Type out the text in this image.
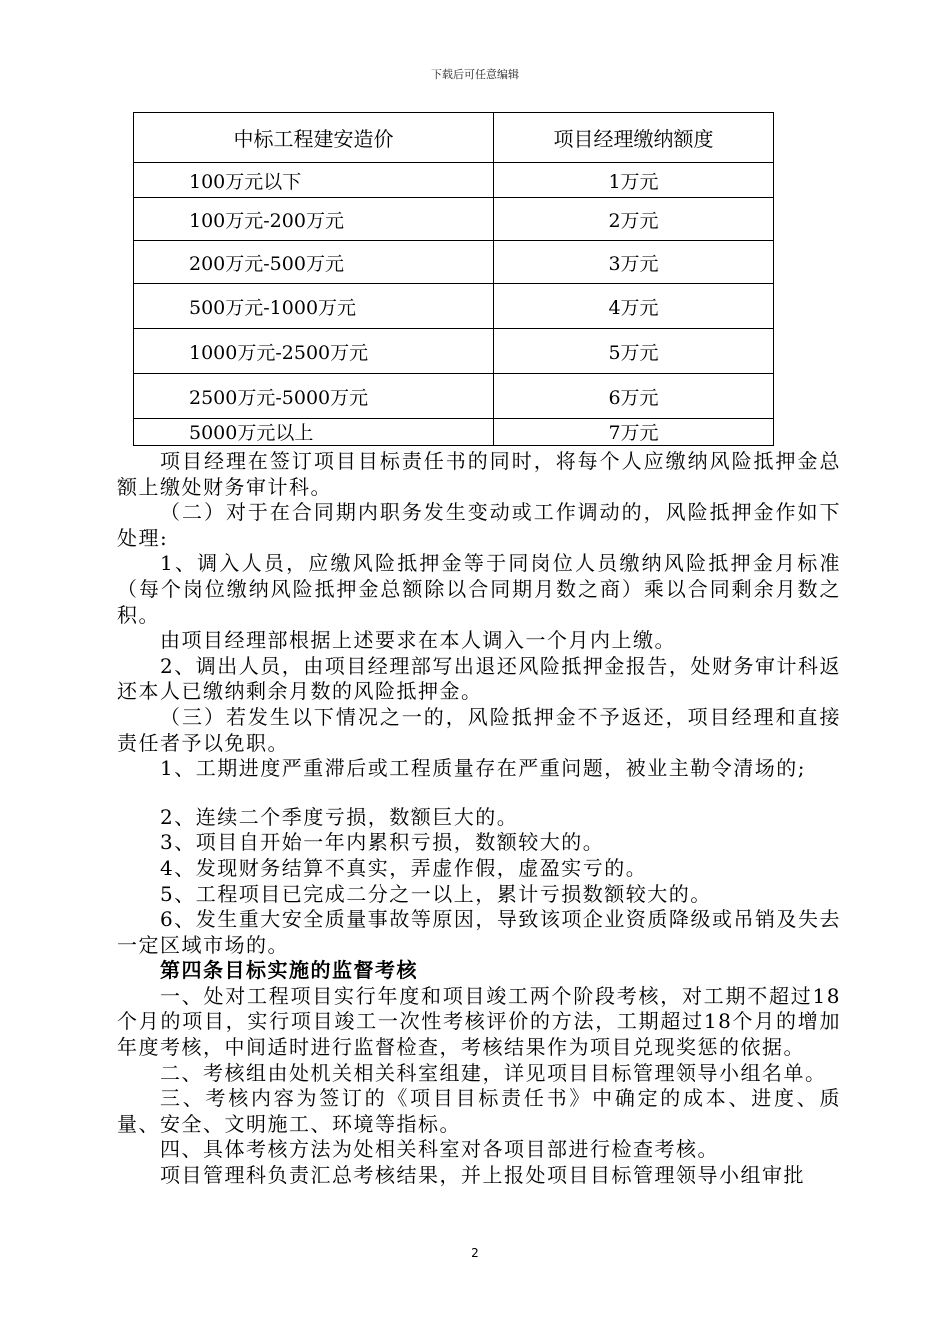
下载后可任意编辑
中标工程建安造价	项目经理缴纳额度
100万元以下	1万元
100万元-200万元	2万元
200万元-500万元	3万元
500万元-1000万元	4万元
1000万元-2500万元	5万元
2500万元-5000万元	6万元
5000万元以上	7万元

项目经理在签订项目目标责任书的同时，将每个人应缴纳风险抵押金总额上缴处财务审计科。

（二）对于在合同期内职务发生变动或工作调动的，风险抵押金作如下处理:

1、调入人员，应缴风险抵押金等于同岗位人员缴纳风险抵押金月标准（每个岗位缴纳风险抵押金总额除以合同期月数之商）乘以合同剩余月数之积。

由项目经理部根据上述要求在本人调入一个月内上缴。

2、调出人员，由项目经理部写出退还风险抵押金报告，处财务审计科返还本人已缴纳剩余月数的风险抵押金。

（三）若发生以下情况之一的，风险抵押金不予返还，项目经理和直接责任者予以免职。

1、工期进度严重滞后或工程质量存在严重问题，被业主勒令清场的;

2、连续二个季度亏损，数额巨大的。

3、项目自开始一年内累积亏损，数额较大的。

4、发现财务结算不真实，弄虚作假，虚盈实亏的。

5、工程项目已完成二分之一以上，累计亏损数额较大的。

6、发生重大安全质量事故等原因，导致该项企业资质降级或吊销及失去一定区域市场的。

第四条目标实施的监督考核

一、处对工程项目实行年度和项目竣工两个阶段考核，对工期不超过18个月的项目，实行项目竣工一次性考核评价的方法，工期超过18个月的增加年度考核，中间适时进行监督检查，考核结果作为项目兑现奖惩的依据。

二、考核组由处机关相关科室组建，详见项目目标管理领导小组名单。

三、考核内容为签订的《项目目标责任书》中确定的成本、进度、质量、安全、文明施工、环境等指标。

四、具体考核方法为处相关科室对各项目部进行检查考核。

项目管理科负责汇总考核结果，并上报处项目目标管理领导小组审批

2
